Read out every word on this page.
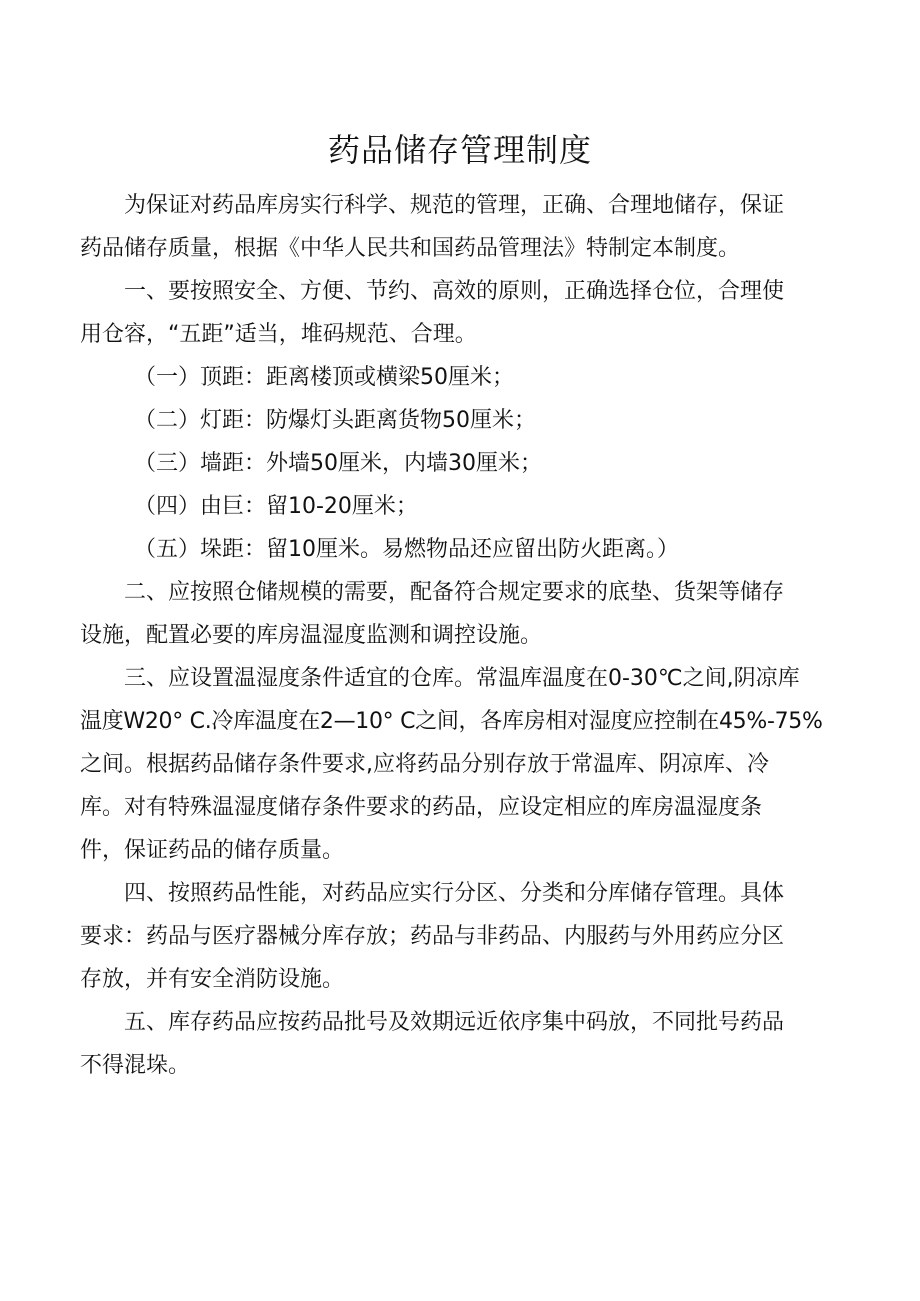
药品储存管理制度

为保证对药品库房实行科学、规范的管理，正确、合理地储存，保证
药品储存质量，根据《中华人民共和国药品管理法》特制定本制度。

一、要按照安全、方便、节约、高效的原则，正确选择仓位，合理使
用仓容，“五距”适当，堆码规范、合理。

（一）顶距：距离楼顶或横梁50厘米；

（二）灯距：防爆灯头距离货物50厘米；

（三）墙距：外墙50厘米，内墙30厘米；

（四）由巨：留10-20厘米；

（五）垛距：留10厘米。易燃物品还应留出防火距离。）

二、应按照仓储规模的需要，配备符合规定要求的底垫、货架等储存
设施，配置必要的库房温湿度监测和调控设施。

三、应设置温湿度条件适宜的仓库。常温库温度在0-30℃之间,阴凉库
温度W20° C.冷库温度在2—10° C之间，各库房相对湿度应控制在45%-75%
之间。根据药品储存条件要求,应将药品分别存放于常温库、阴凉库、冷
库。对有特殊温湿度储存条件要求的药品，应设定相应的库房温湿度条
件，保证药品的储存质量。

四、按照药品性能，对药品应实行分区、分类和分库储存管理。具体
要求：药品与医疗器械分库存放；药品与非药品、内服药与外用药应分区
存放，并有安全消防设施。

五、库存药品应按药品批号及效期远近依序集中码放，不同批号药品
不得混垛。
